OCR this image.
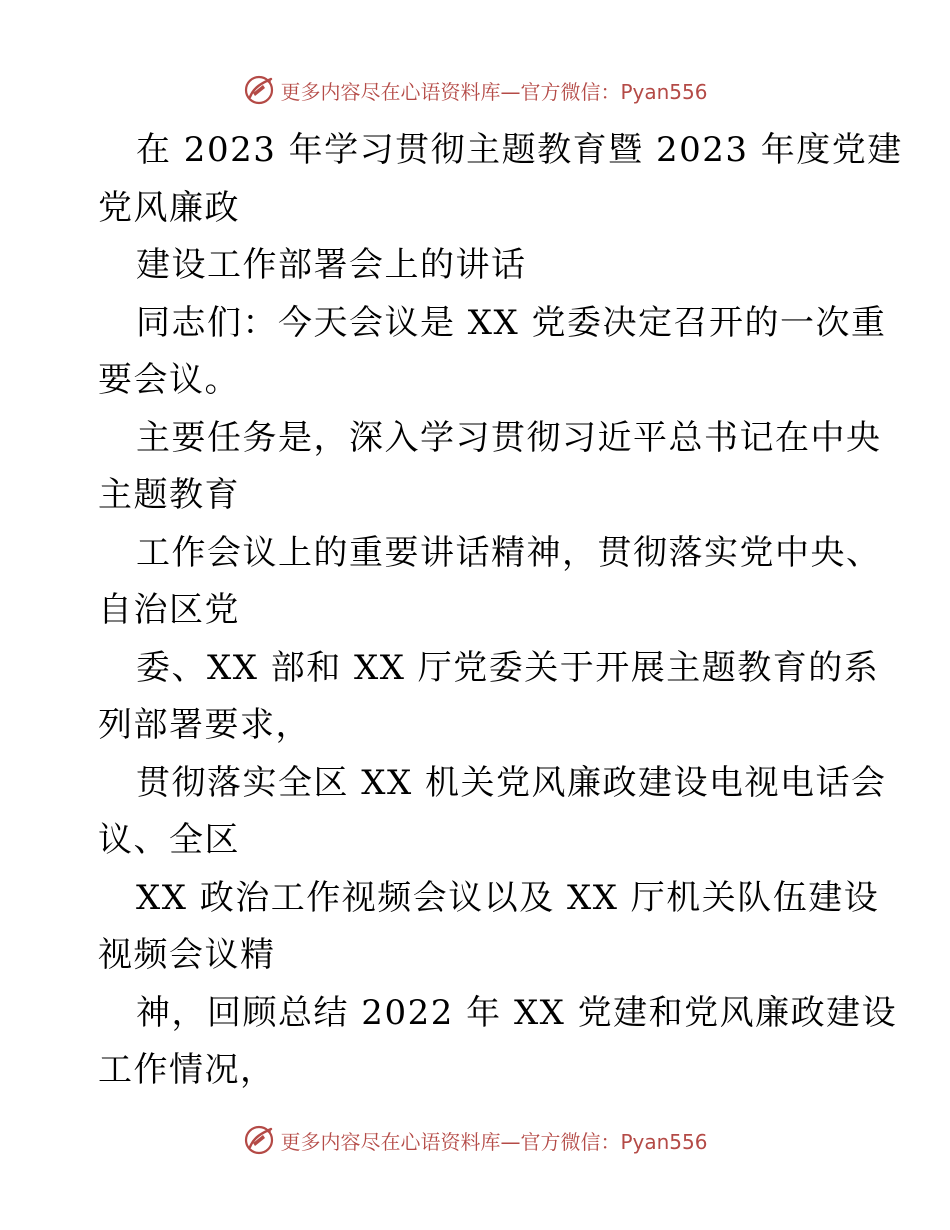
更多内容尽在心语资料库—官方微信：Pyan556
在 2023 年学习贯彻主题教育暨 2023 年度党建
党风廉政
建设工作部署会上的讲话
同志们：今天会议是 XX 党委决定召开的一次重
要会议。
主要任务是，深入学习贯彻习近平总书记在中央
主题教育
工作会议上的重要讲话精神，贯彻落实党中央、
自治区党
委、XX 部和 XX 厅党委关于开展主题教育的系
列部署要求，
贯彻落实全区 XX 机关党风廉政建设电视电话会
议、全区
XX 政治工作视频会议以及 XX 厅机关队伍建设
视频会议精
神，回顾总结 2022 年 XX 党建和党风廉政建设
工作情况，
更多内容尽在心语资料库—官方微信：Pyan556
